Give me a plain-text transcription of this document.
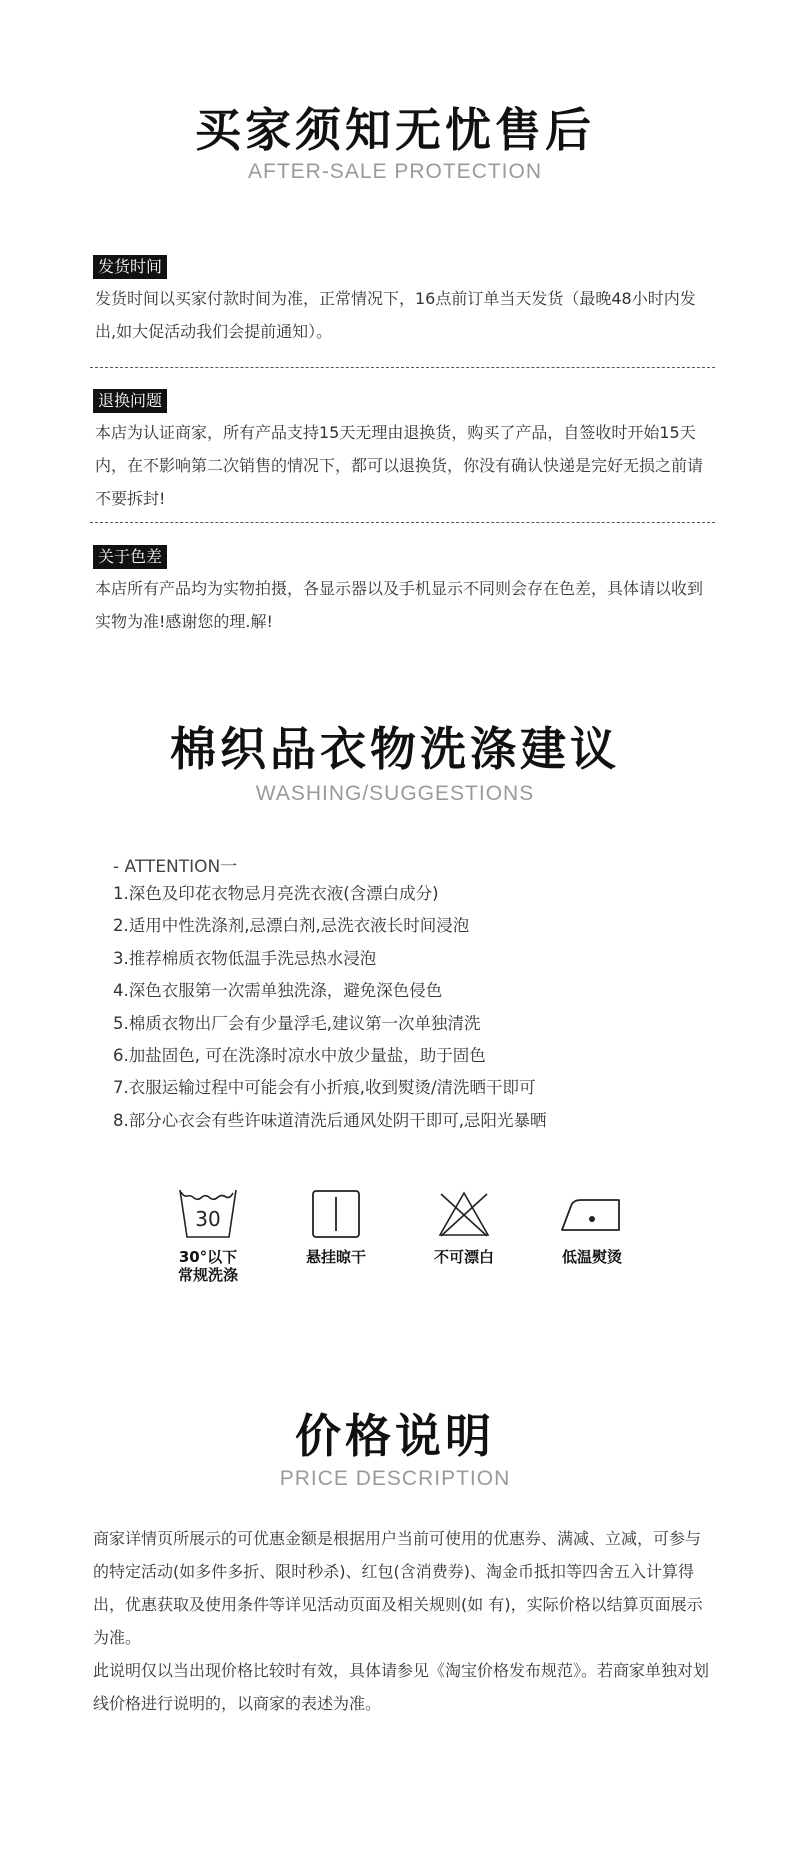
买家须知无忧售后
AFTER-SALE PROTECTION
发货时间

发货时间以买家付款时间为准，正常情况下，16点前订单当天发货（最晚48小时内发出,如大促活动我们会提前通知）。

退换问题

本店为认证商家，所有产品支持15天无理由退换货，购买了产品，自签收时开始15天内，在不影响第二次销售的情况下，都可以退换货，你没有确认快递是完好无损之前请不要拆封!

关于色差

本店所有产品均为实物拍摄，各显示器以及手机显示不同则会存在色差，具体请以收到实物为准!感谢您的理.解!

棉织品衣物洗涤建议
WASHING/SUGGESTIONS
- ATTENTION一
1.深色及印花衣物忌月亮洗衣液(含漂白成分)
2.适用中性洗涤剂,忌漂白剂,忌洗衣液长时间浸泡
3.推荐棉质衣物低温手洗忌热水浸泡
4.深色衣服第一次需单独洗涤，避免深色侵色
5.棉质衣物出厂会有少量浮毛,建议第一次单独清洗
6.加盐固色, 可在洗涤时凉水中放少量盐，助于固色
7.衣服运输过程中可能会有小折痕,收到熨烫/清洗晒干即可
8.部分心衣会有些许味道清洗后通风处阴干即可,忌阳光暴晒
30
30°以下
常规洗涤
悬挂晾干	不可漂白	低温熨烫
价格说明
PRICE DESCRIPTION

商家详情页所展示的可优惠金额是根据用户当前可使用的优惠券、满减、立减，可参与的特定活动(如多件多折、限时秒杀)、红包(含消费券)、淘金币抵扣等四舍五入计算得出，优惠获取及使用条件等详见活动页面及相关规则(如 有)，实际价格以结算页面展示为准。

此说明仅以当出现价格比较时有效，具体请参见《淘宝价格发布规范》。若商家单独对划线价格进行说明的，以商家的表述为准。
